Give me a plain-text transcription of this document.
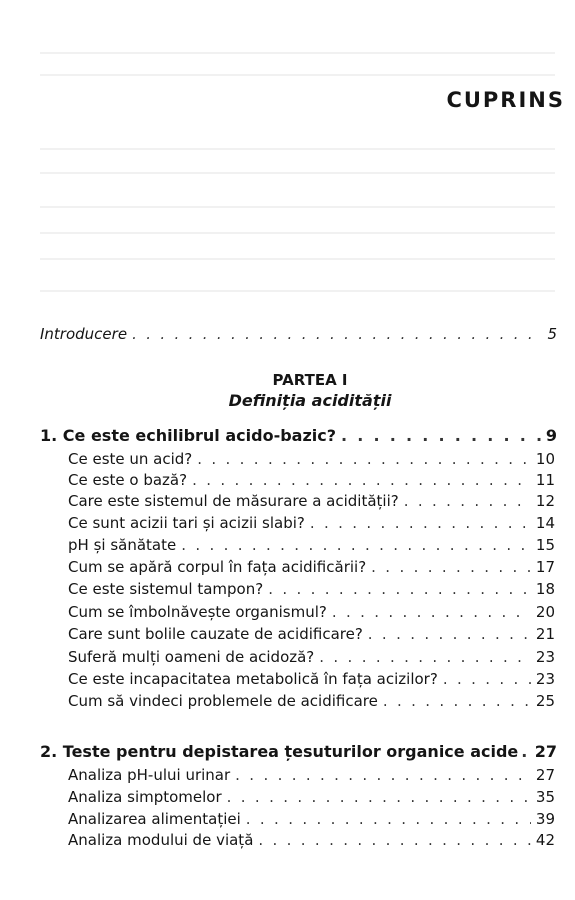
CUPRINS
Introducere . . .	5
PARTEA I
Definiția acidității
1. Ce este echilibrul acido-bazic? . . .	9
Ce este un acid? . . .	10
Ce este o bază? . . .	11
Care este sistemul de măsurare a acidității? . . .	12
Ce sunt acizii tari și acizii slabi? . . .	14
pH și sănătate . . .	15
Cum se apără corpul în fața acidificării? . . .	17
Ce este sistemul tampon? . . .	18
Cum se îmbolnăvește organismul? . . .	20
Care sunt bolile cauzate de acidificare? . . .	21
Suferă mulți oameni de acidoză? . . .	23
Ce este incapacitatea metabolică în fața acizilor? . . .	23
Cum să vindeci problemele de acidificare . . .	25
2. Teste pentru depistarea țesuturilor organice acide . . . 27
Analiza pH-ului urinar . . .	27
Analiza simptomelor . . .	35
Analizarea alimentației . . .	39
Analiza modului de viață . . .	42
